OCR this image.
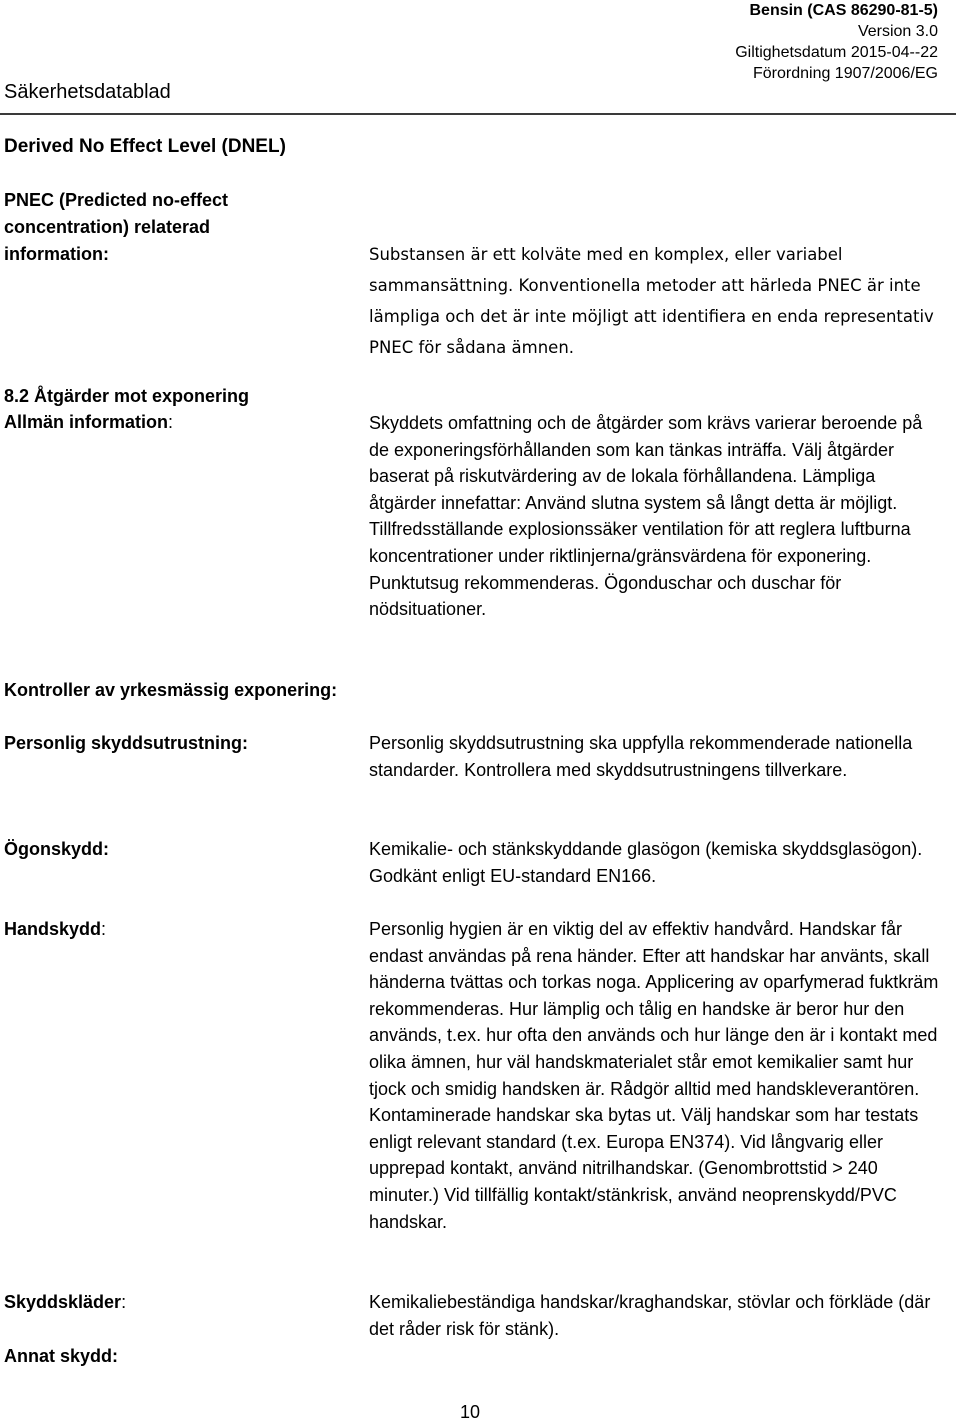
Bensin (CAS 86290-81-5)
Version 3.0
Giltighetsdatum 2015-04--22
Förordning 1907/2006/EG
Säkerhetsdatablad
Derived No Effect Level (DNEL)
PNEC (Predicted no-effect
concentration) relaterad
information:	Substansen är ett kolväte med en komplex, eller variabel sammansättning. Konventionella metoder att härleda PNEC är inte lämpliga och det är inte möjligt att identifiera en enda representativ PNEC för sådana ämnen.
8.2 Åtgärder mot exponering
Allmän information:	Skyddets omfattning och de åtgärder som krävs varierar beroende på de exponeringsförhållanden som kan tänkas inträffa. Välj åtgärder baserat på riskutvärdering av de lokala förhållandena. Lämpliga åtgärder innefattar: Använd slutna system så långt detta är möjligt. Tillfredsställande explosionssäker ventilation för att reglera luftburna koncentrationer under riktlinjerna/gränsvärdena för exponering. Punktutsug rekommenderas. Ögonduschar och duschar för nödsituationer.
Kontroller av yrkesmässig exponering:
Personlig skyddsutrustning:	Personlig skyddsutrustning ska uppfylla rekommenderade nationella standarder. Kontrollera med skyddsutrustningens tillverkare.
Ögonskydd:	Kemikalie- och stänkskyddande glasögon (kemiska skyddsglasögon). Godkänt enligt EU-standard EN166.
Handskydd:	Personlig hygien är en viktig del av effektiv handvård. Handskar får endast användas på rena händer. Efter att handskar har använts, skall händerna tvättas och torkas noga. Applicering av oparfymerad fuktkräm rekommenderas. Hur lämplig och tålig en handske är beror hur den används, t.ex. hur ofta den används och hur länge den är i kontakt med olika ämnen, hur väl handskmaterialet står emot kemikalier samt hur tjock och smidig handsken är. Rådgör alltid med handskleverantören. Kontaminerade handskar ska bytas ut. Välj handskar som har testats enligt relevant standard (t.ex. Europa EN374). Vid långvarig eller upprepad kontakt, använd nitrilhandskar. (Genombrottstid > 240 minuter.) Vid tillfällig kontakt/stänkrisk, använd neoprenskydd/PVC handskar.
Skyddskläder:	Kemikaliebeständiga handskar/kraghandskar, stövlar och förkläde (där det råder risk för stänk).
Annat skydd:
10
